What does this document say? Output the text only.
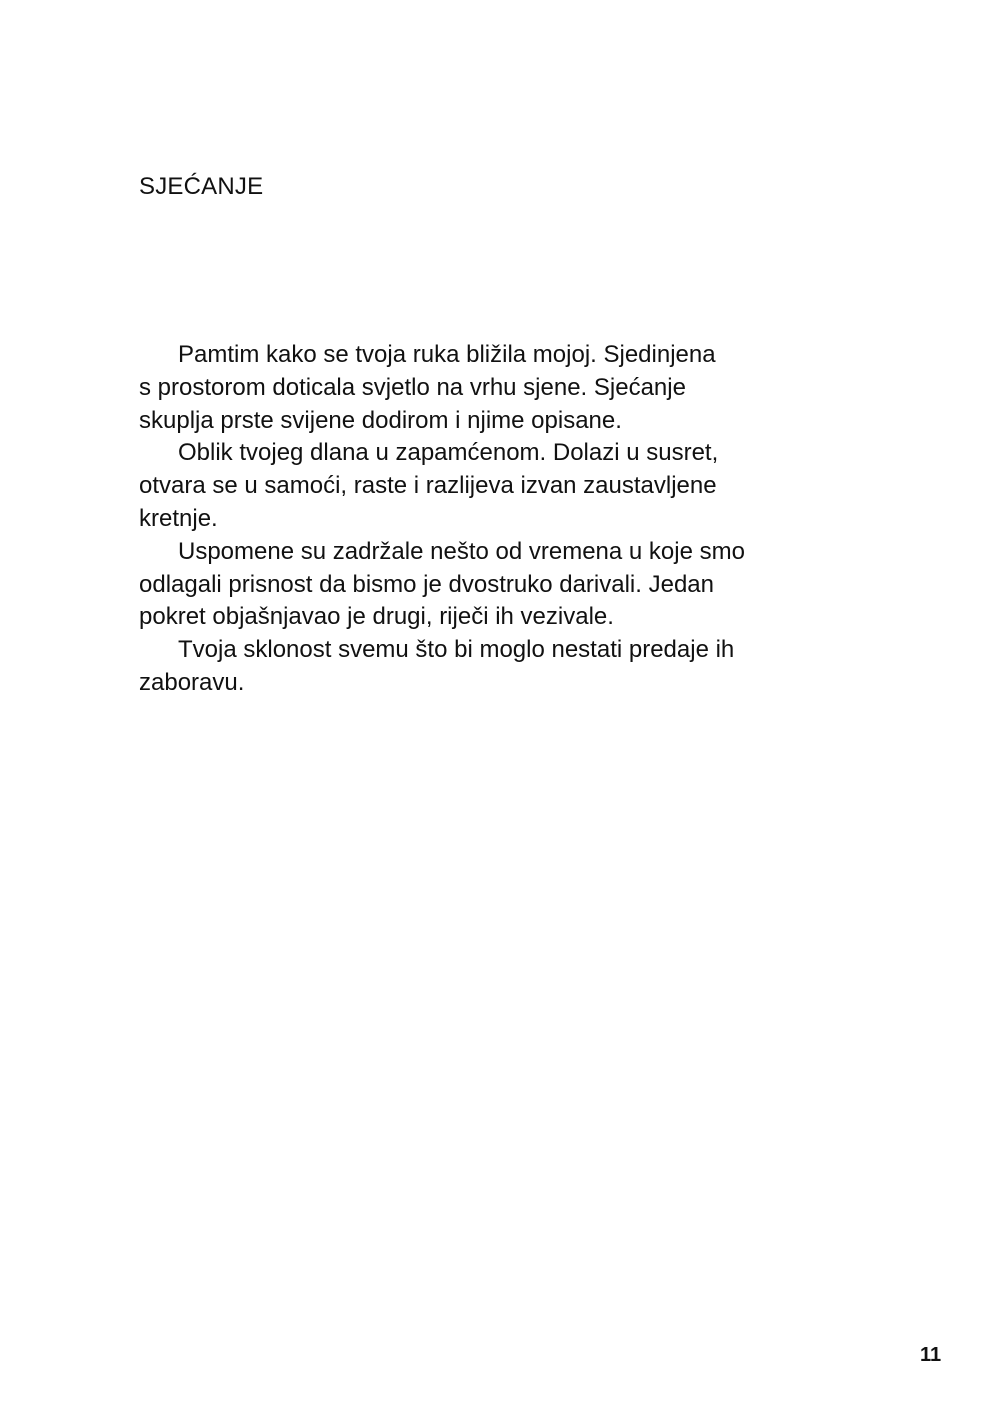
SJEĆANJE
Pamtim kako se tvoja ruka bližila mojoj. Sjedinjena
s prostorom doticala svjetlo na vrhu sjene. Sjećanje
skuplja prste svijene dodirom i njime opisane.
Oblik tvojeg dlana u zapamćenom. Dolazi u susret,
otvara se u samoći, raste i razlijeva izvan zaustavljene
kretnje.
Uspomene su zadržale nešto od vremena u koje smo
odlagali prisnost da bismo je dvostruko darivali. Jedan
pokret objašnjavao je drugi, riječi ih vezivale.
Tvoja sklonost svemu što bi moglo nestati predaje ih
zaboravu.
11
